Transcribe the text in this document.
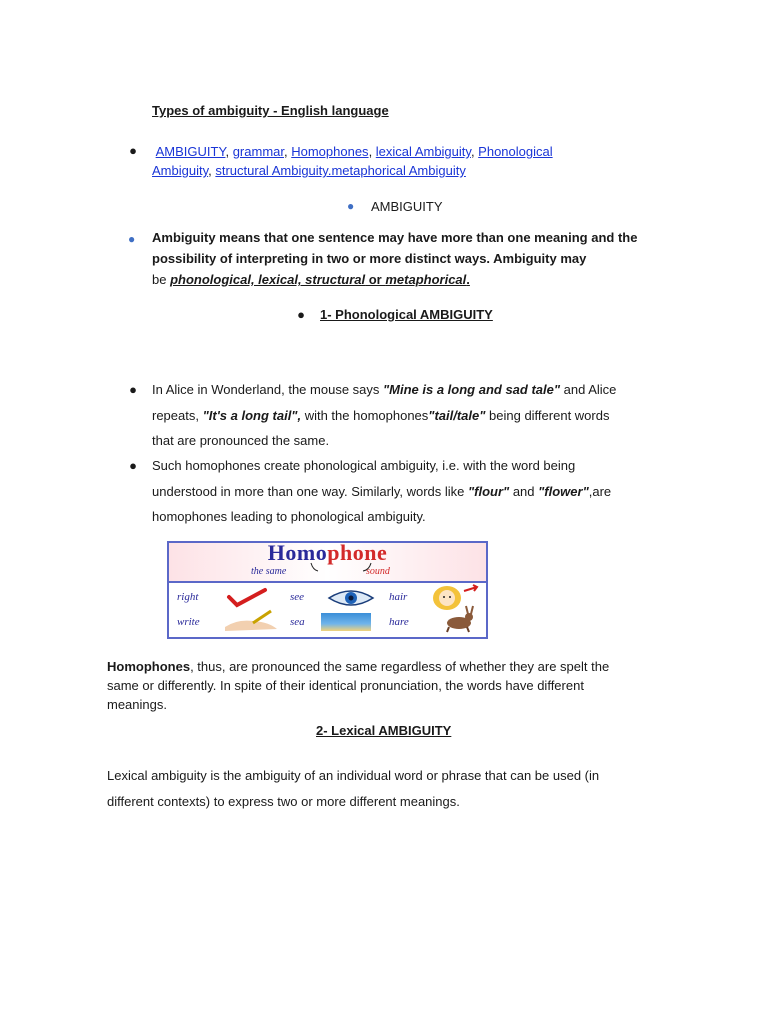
Types of ambiguity - English language
● AMBIGUITY, grammar, Homophones, lexical Ambiguity, Phonological
Ambiguity, structural Ambiguity.metaphorical Ambiguity
● AMBIGUITY
● Ambiguity means that one sentence may have more than one meaning and the
possibility of interpreting in two or more distinct ways. Ambiguity may
be phonological, lexical, structural or metaphorical.
● 1- Phonological AMBIGUITY
● In Alice in Wonderland, the mouse says "Mine is a long and sad tale" and Alice
repeats, "It's a long tail", with the homophones"tail/tale" being different words
that are pronounced the same.
● Such homophones create phonological ambiguity, i.e. with the word being
understood in more than one way. Similarly, words like "flour" and "flower",are
homophones leading to phonological ambiguity.
Homophone
the same	sound
right	see	hair
write	sea	hare
Homophones, thus, are pronounced the same regardless of whether they are spelt the
same or differently. In spite of their identical pronunciation, the words have different
meanings.
2- Lexical AMBIGUITY
Lexical ambiguity is the ambiguity of an individual word or phrase that can be used (in
different contexts) to express two or more different meanings.
